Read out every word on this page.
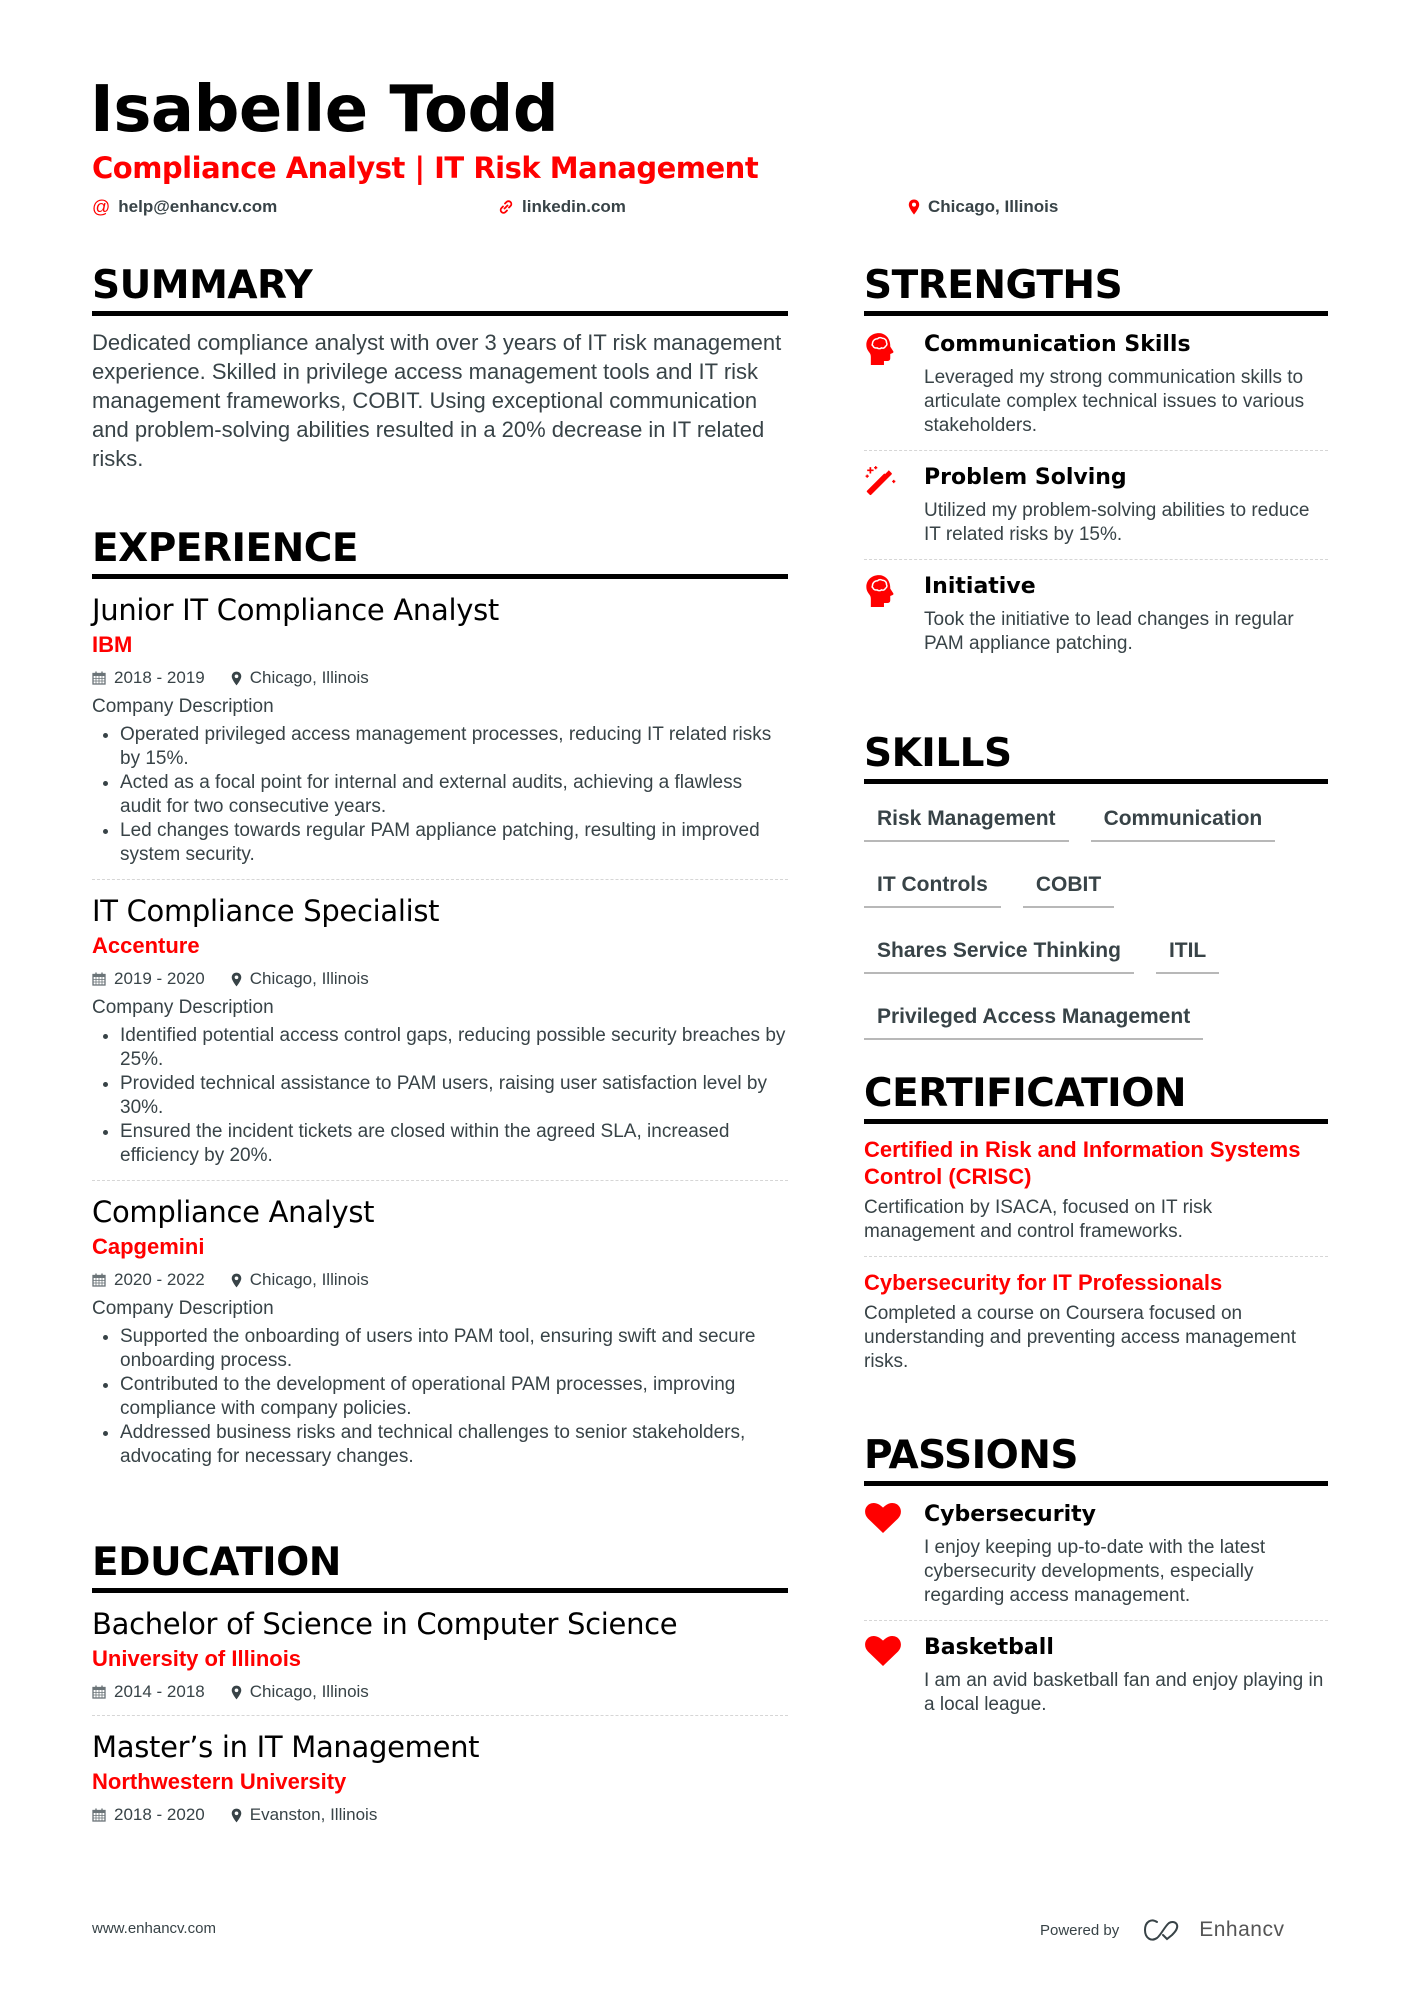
Isabelle Todd
Compliance Analyst | IT Risk Management
@ help@enhancv.com	linkedin.com	Chicago, Illinois
SUMMARY
Dedicated compliance analyst with over 3 years of IT risk management experience. Skilled in privilege access management tools and IT risk management frameworks, COBIT. Using exceptional communication and problem-solving abilities resulted in a 20% decrease in IT related risks.
EXPERIENCE
Junior IT Compliance Analyst
IBM
2018 - 2019	Chicago, Illinois
Company Description
• Operated privileged access management processes, reducing IT related risks by 15%.
• Acted as a focal point for internal and external audits, achieving a flawless audit for two consecutive years.
• Led changes towards regular PAM appliance patching, resulting in improved system security.
IT Compliance Specialist
Accenture
2019 - 2020	Chicago, Illinois
Company Description
• Identified potential access control gaps, reducing possible security breaches by 25%.
• Provided technical assistance to PAM users, raising user satisfaction level by 30%.
• Ensured the incident tickets are closed within the agreed SLA, increased efficiency by 20%.
Compliance Analyst
Capgemini
2020 - 2022	Chicago, Illinois
Company Description
• Supported the onboarding of users into PAM tool, ensuring swift and secure onboarding process.
• Contributed to the development of operational PAM processes, improving compliance with company policies.
• Addressed business risks and technical challenges to senior stakeholders, advocating for necessary changes.
EDUCATION
Bachelor of Science in Computer Science
University of Illinois
2014 - 2018	Chicago, Illinois
Master’s in IT Management
Northwestern University
2018 - 2020	Evanston, Illinois
STRENGTHS
Communication Skills
Leveraged my strong communication skills to articulate complex technical issues to various stakeholders.
Problem Solving
Utilized my problem-solving abilities to reduce IT related risks by 15%.
Initiative
Took the initiative to lead changes in regular PAM appliance patching.
SKILLS
Risk Management	Communication
IT Controls	COBIT
Shares Service Thinking	ITIL
Privileged Access Management
CERTIFICATION
Certified in Risk and Information Systems Control (CRISC)
Certification by ISACA, focused on IT risk management and control frameworks.
Cybersecurity for IT Professionals
Completed a course on Coursera focused on understanding and preventing access management risks.
PASSIONS
Cybersecurity
I enjoy keeping up-to-date with the latest cybersecurity developments, especially regarding access management.
Basketball
I am an avid basketball fan and enjoy playing in a local league.
www.enhancv.com	Powered by	Enhancv
